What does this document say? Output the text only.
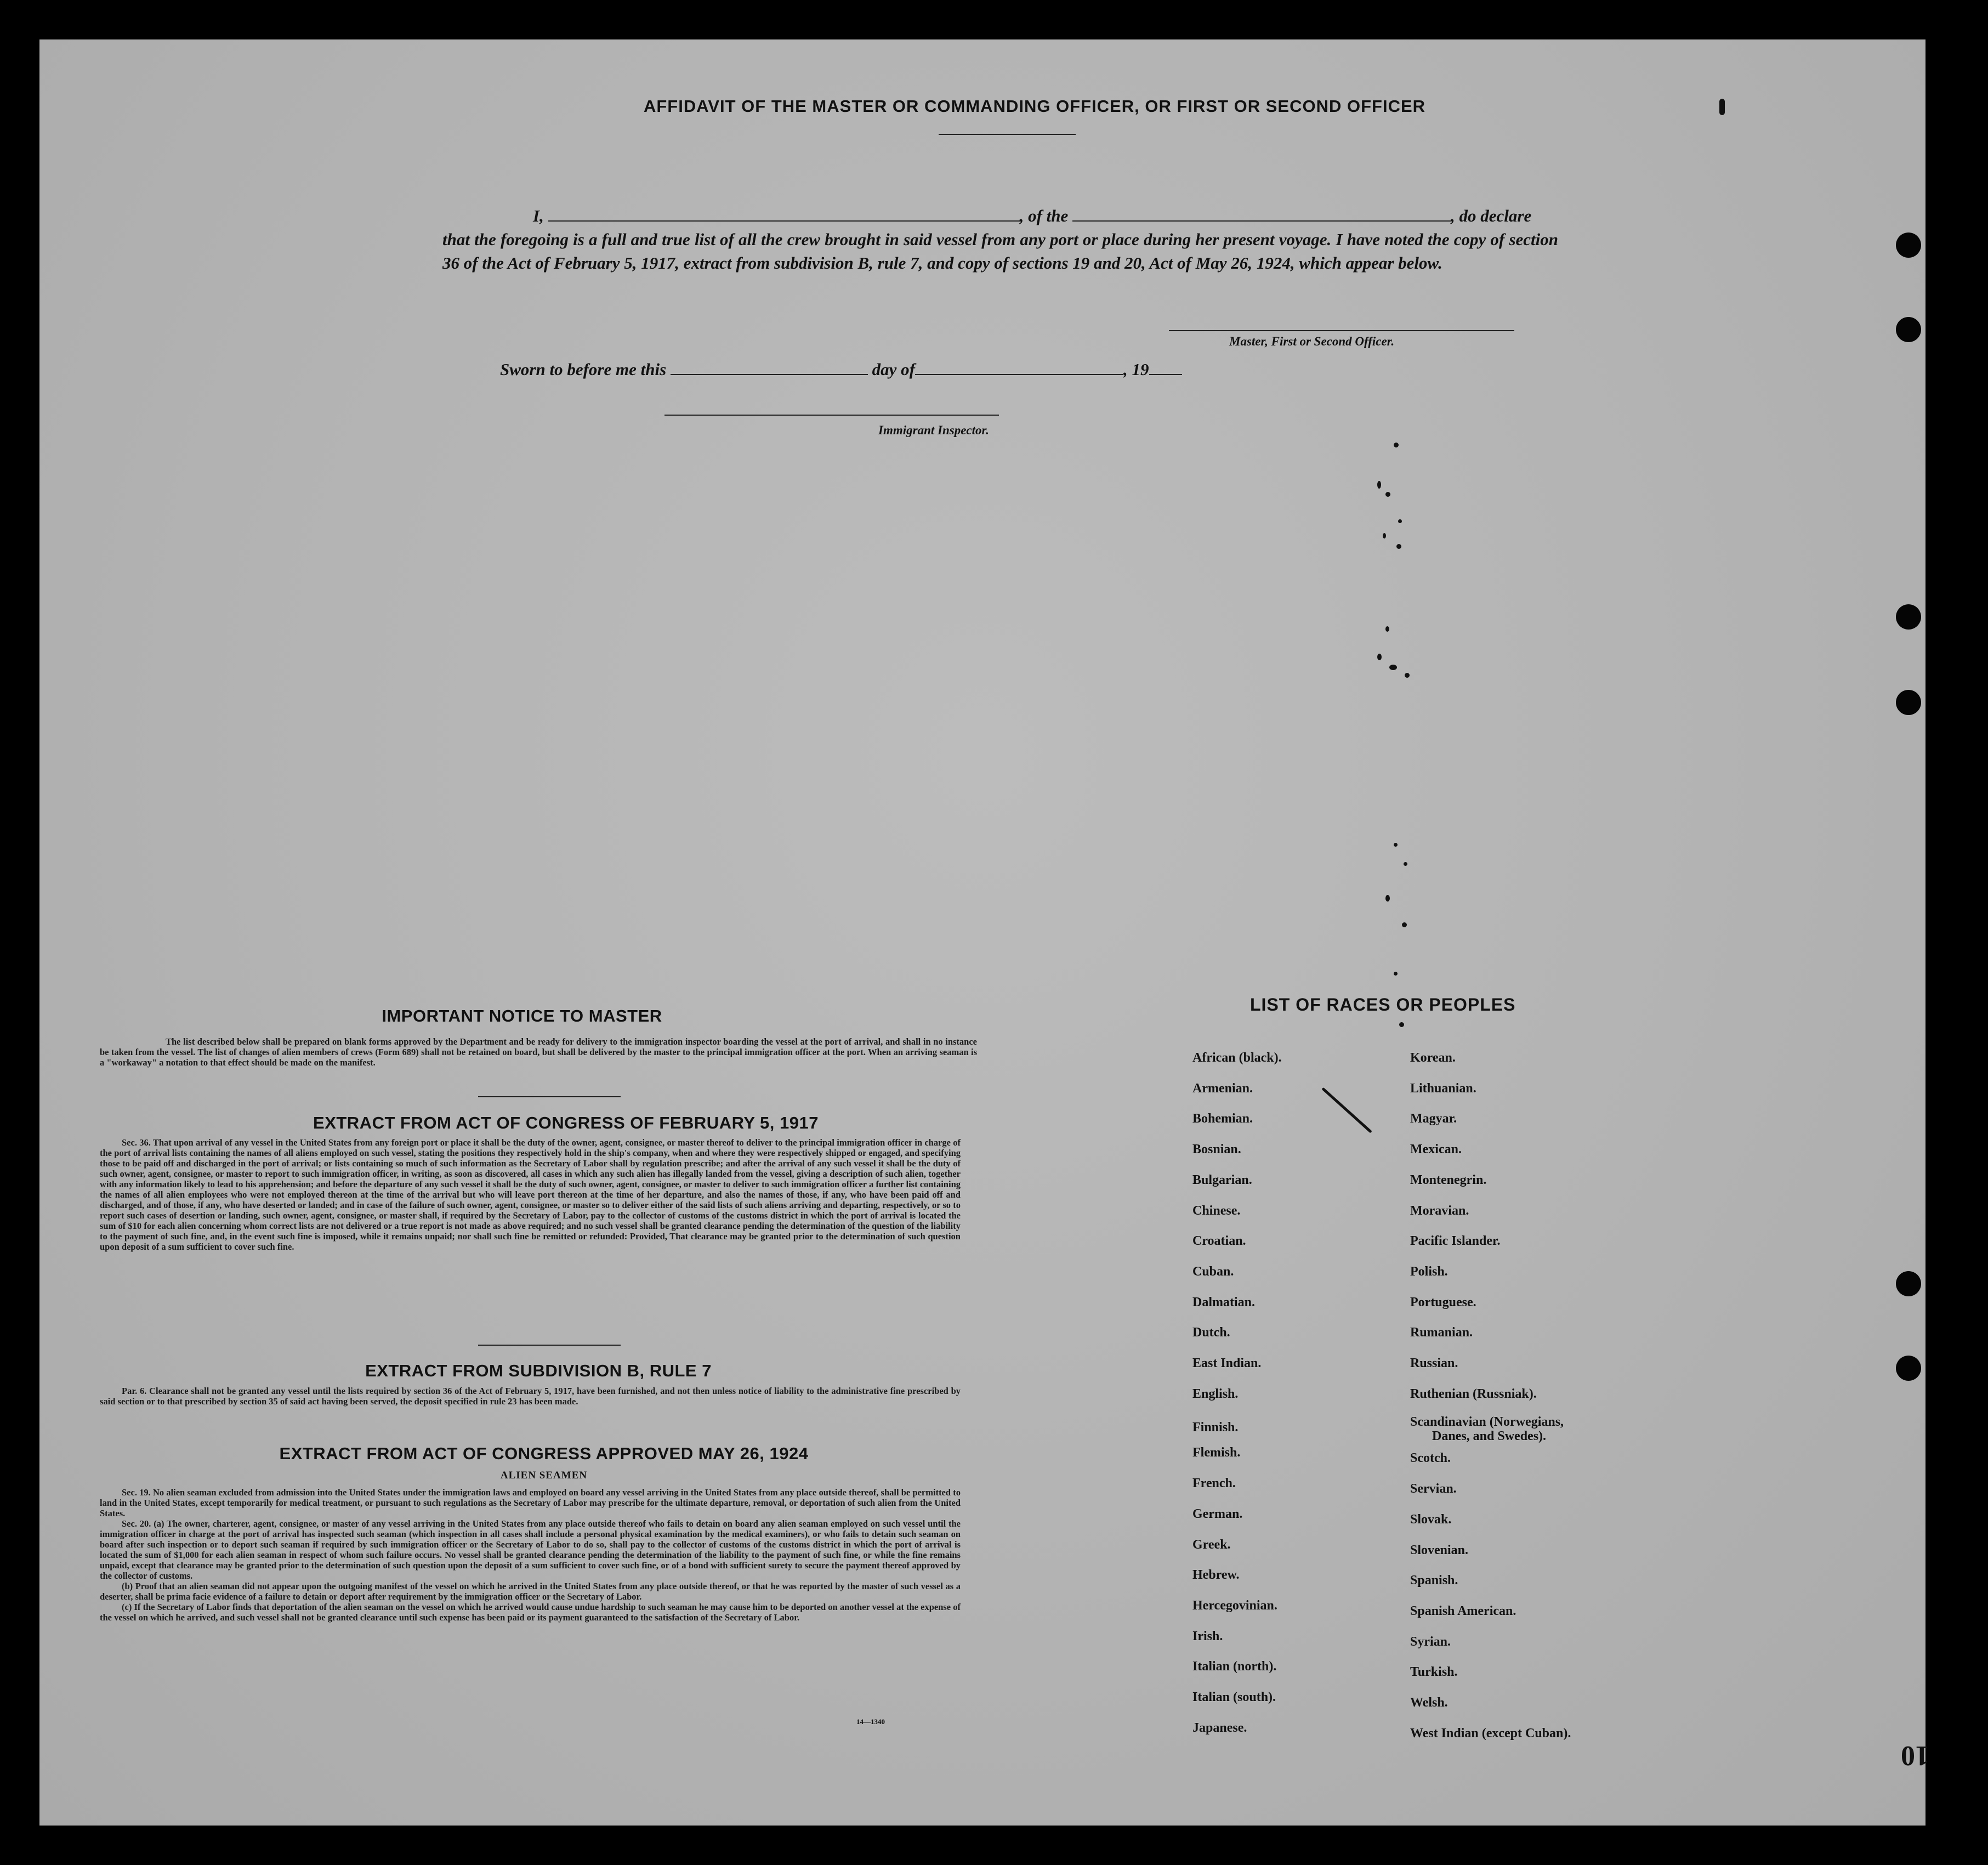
AFFIDAVIT OF THE MASTER OR COMMANDING OFFICER, OR FIRST OR SECOND OFFICER
I,	, of the	, do declare
that the foregoing is a full and true list of all the crew brought in said vessel from any port or place during her present voyage. I have noted the copy of section 36 of the Act of February 5, 1917, extract from subdivision B, rule 7, and copy of sections 19 and 20, Act of May 26, 1924, which appear below.
Master, First or Second Officer.
Sworn to before me this	day of	, 19
Immigrant Inspector.
IMPORTANT NOTICE TO MASTER
The list described below shall be prepared on blank forms approved by the Department and be ready for delivery to the immigration inspector boarding the vessel at the port of arrival, and shall in no instance be taken from the vessel. The list of changes of alien members of crews (Form 689) shall not be retained on board, but shall be delivered by the master to the principal immigration officer at the port. When an arriving seaman is a "workaway" a notation to that effect should be made on the manifest.
EXTRACT FROM ACT OF CONGRESS OF FEBRUARY 5, 1917
Sec. 36. That upon arrival of any vessel in the United States from any foreign port or place it shall be the duty of the owner, agent, consignee, or master thereof to deliver to the principal immigration officer in charge of the port of arrival lists containing the names of all aliens employed on such vessel, stating the positions they respectively hold in the ship's company, when and where they were respectively shipped or engaged, and specifying those to be paid off and discharged in the port of arrival; or lists containing so much of such information as the Secretary of Labor shall by regulation prescribe; and after the arrival of any such vessel it shall be the duty of such owner, agent, consignee, or master to report to such immigration officer, in writing, as soon as discovered, all cases in which any such alien has illegally landed from the vessel, giving a description of such alien, together with any information likely to lead to his apprehension; and before the departure of any such vessel it shall be the duty of such owner, agent, consignee, or master to deliver to such immigration officer a further list containing the names of all alien employees who were not employed thereon at the time of the arrival but who will leave port thereon at the time of her departure, and also the names of those, if any, who have been paid off and discharged, and of those, if any, who have deserted or landed; and in case of the failure of such owner, agent, consignee, or master so to deliver either of the said lists of such aliens arriving and departing, respectively, or so to report such cases of desertion or landing, such owner, agent, consignee, or master shall, if required by the Secretary of Labor, pay to the collector of customs of the customs district in which the port of arrival is located the sum of $10 for each alien concerning whom correct lists are not delivered or a true report is not made as above required; and no such vessel shall be granted clearance pending the determination of the question of the liability to the payment of such fine, and, in the event such fine is imposed, while it remains unpaid; nor shall such fine be remitted or refunded: Provided, That clearance may be granted prior to the determination of such question upon deposit of a sum sufficient to cover such fine.
EXTRACT FROM SUBDIVISION B, RULE 7
Par. 6. Clearance shall not be granted any vessel until the lists required by section 36 of the Act of February 5, 1917, have been furnished, and not then unless notice of liability to the administrative fine prescribed by said section or to that prescribed by section 35 of said act having been served, the deposit specified in rule 23 has been made.
EXTRACT FROM ACT OF CONGRESS APPROVED MAY 26, 1924
ALIEN SEAMEN
Sec. 19. No alien seaman excluded from admission into the United States under the immigration laws and employed on board any vessel arriving in the United States from any place outside thereof, shall be permitted to land in the United States, except temporarily for medical treatment, or pursuant to such regulations as the Secretary of Labor may prescribe for the ultimate departure, removal, or deportation of such alien from the United States.
Sec. 20. (a) The owner, charterer, agent, consignee, or master of any vessel arriving in the United States from any place outside thereof who fails to detain on board any alien seaman employed on such vessel until the immigration officer in charge at the port of arrival has inspected such seaman (which inspection in all cases shall include a personal physical examination by the medical examiners), or who fails to detain such seaman on board after such inspection or to deport such seaman if required by such immigration officer or the Secretary of Labor to do so, shall pay to the collector of customs of the customs district in which the port of arrival is located the sum of $1,000 for each alien seaman in respect of whom such failure occurs. No vessel shall be granted clearance pending the determination of the liability to the payment of such fine, or while the fine remains unpaid, except that clearance may be granted prior to the determination of such question upon the deposit of a sum sufficient to cover such fine, or of a bond with sufficient surety to secure the payment thereof approved by the collector of customs.
(b) Proof that an alien seaman did not appear upon the outgoing manifest of the vessel on which he arrived in the United States from any place outside thereof, or that he was reported by the master of such vessel as a deserter, shall be prima facie evidence of a failure to detain or deport after requirement by the immigration officer or the Secretary of Labor.
(c) If the Secretary of Labor finds that deportation of the alien seaman on the vessel on which he arrived would cause undue hardship to such seaman he may cause him to be deported on another vessel at the expense of the vessel on which he arrived, and such vessel shall not be granted clearance until such expense has been paid or its payment guaranteed to the satisfaction of the Secretary of Labor.
14—1340
LIST OF RACES OR PEOPLES
African (black).
Armenian.
Bohemian.
Bosnian.
Bulgarian.
Chinese.
Croatian.
Cuban.
Dalmatian.
Dutch.
East Indian.
English.
Finnish.
Flemish.
French.
German.
Greek.
Hebrew.
Hercegovinian.
Irish.
Italian (north).
Italian (south).
Japanese.
Korean.
Lithuanian.
Magyar.
Mexican.
Montenegrin.
Moravian.
Pacific Islander.
Polish.
Portuguese.
Rumanian.
Russian.
Ruthenian (Russniak).
Scandinavian (Norwegians,
Danes, and Swedes).
Scotch.
Servian.
Slovak.
Slovenian.
Spanish.
Spanish American.
Syrian.
Turkish.
Welsh.
West Indian (except Cuban).
10
